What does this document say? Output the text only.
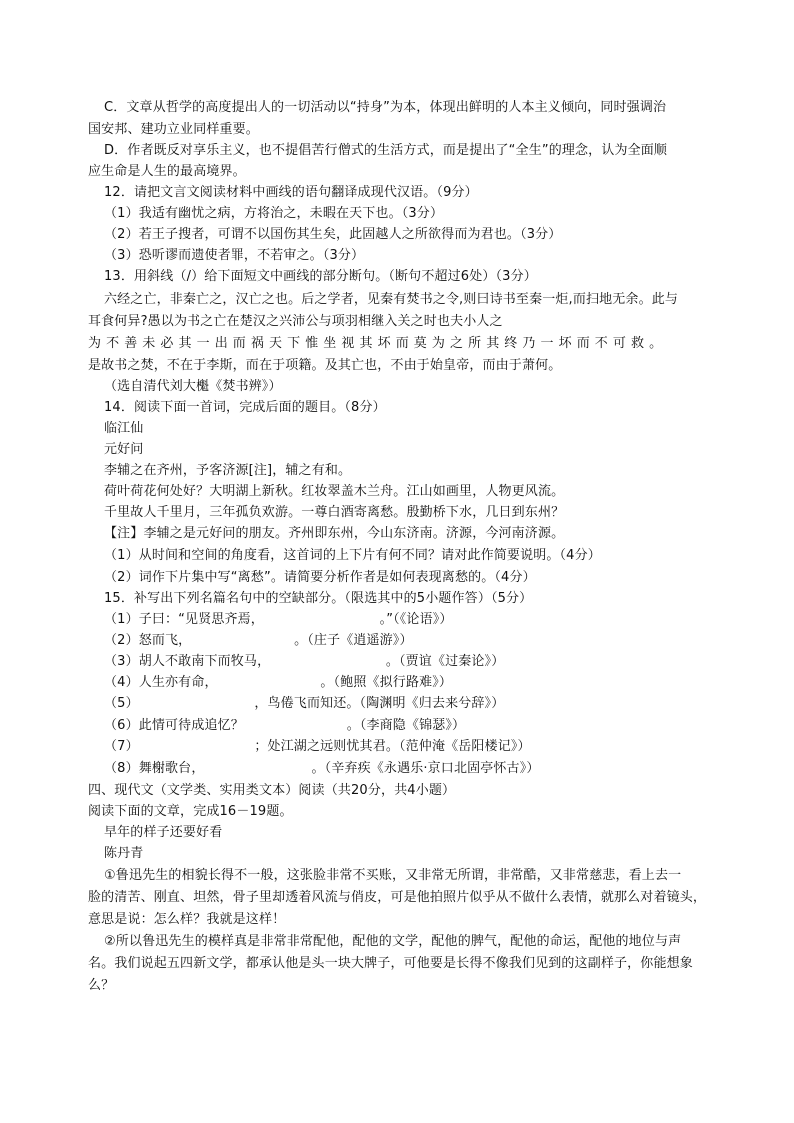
C．文章从哲学的高度提出人的一切活动以“持身”为本，体现出鲜明的人本主义倾向，同时强调治
国安邦、建功立业同样重要。
D．作者既反对享乐主义，也不提倡苦行僧式的生活方式，而是提出了“全生”的理念，认为全面顺
应生命是人生的最高境界。
12．请把文言文阅读材料中画线的语句翻译成现代汉语。（9分）
（1）我适有幽忧之病，方将治之，未暇在天下也。（3分）
（2）若王子搜者，可谓不以国伤其生矣，此固越人之所欲得而为君也。（3分）
（3）恐听谬而遗使者罪，不若审之。（3分）
13．用斜线（/）给下面短文中画线的部分断句。（断句不超过6处）（3分）
六经之亡，非秦亡之，汉亡之也。后之学者，见秦有焚书之令,则曰诗书至秦一炬,而扫地无余。此与
耳食何异?愚以为书之亡在楚汉之兴沛公与项羽相继入关之时也夫小人之
为不善未必其一出而祸天下惟坐视其坏而莫为之所其终乃一坏而不可救。
是故书之焚，不在于李斯，而在于项籍。及其亡也，不由于始皇帝，而由于萧何。
（选自清代刘大櫆《焚书辨》）
14．阅读下面一首词，完成后面的题目。（8分）
临江仙
元好问
李辅之在齐州，予客济源[注]，辅之有和。
荷叶荷花何处好？大明湖上新秋。红妆翠盖木兰舟。江山如画里，人物更风流。
千里故人千里月，三年孤负欢游。一尊白酒寄离愁。殷勤桥下水，几日到东州？
【注】李辅之是元好问的朋友。齐州即东州，今山东济南。济源，今河南济源。
（1）从时间和空间的角度看，这首词的上下片有何不同？请对此作简要说明。（4分）
（2）词作下片集中写“离愁”。请简要分析作者是如何表现离愁的。（4分）
15．补写出下列名篇名句中的空缺部分。（限选其中的5小题作答）（5分）
（1）子曰：“见贤思齐焉，                           。”（《论语》）
（2）怒而飞，                        。（庄子《逍遥游》）
（3）胡人不敢南下而牧马，                           。（贾谊《过秦论》）
（4）人生亦有命，                        。（鲍照《拟行路难》）
（5）                           ，鸟倦飞而知还。（陶渊明《归去来兮辞》）
（6）此情可待成追忆？                        。（李商隐《锦瑟》）
（7）                           ；处江湖之远则忧其君。（范仲淹《岳阳楼记》）
（8）舞榭歌台，                         。（辛弃疾《永遇乐·京口北固亭怀古》）
四、现代文（文学类、实用类文本）阅读（共20分，共4小题）
阅读下面的文章，完成16－19题。
早年的样子还要好看
陈丹青
①鲁迅先生的相貌长得不一般，这张脸非常不买账，又非常无所谓，非常酷，又非常慈悲，看上去一
脸的清苦、刚直、坦然，骨子里却透着风流与俏皮，可是他拍照片似乎从不做什么表情，就那么对着镜头，
意思是说：怎么样？我就是这样！
②所以鲁迅先生的模样真是非常非常配他，配他的文学，配他的脾气，配他的命运，配他的地位与声
名。我们说起五四新文学，都承认他是头一块大牌子，可他要是长得不像我们见到的这副样子，你能想象
么？
